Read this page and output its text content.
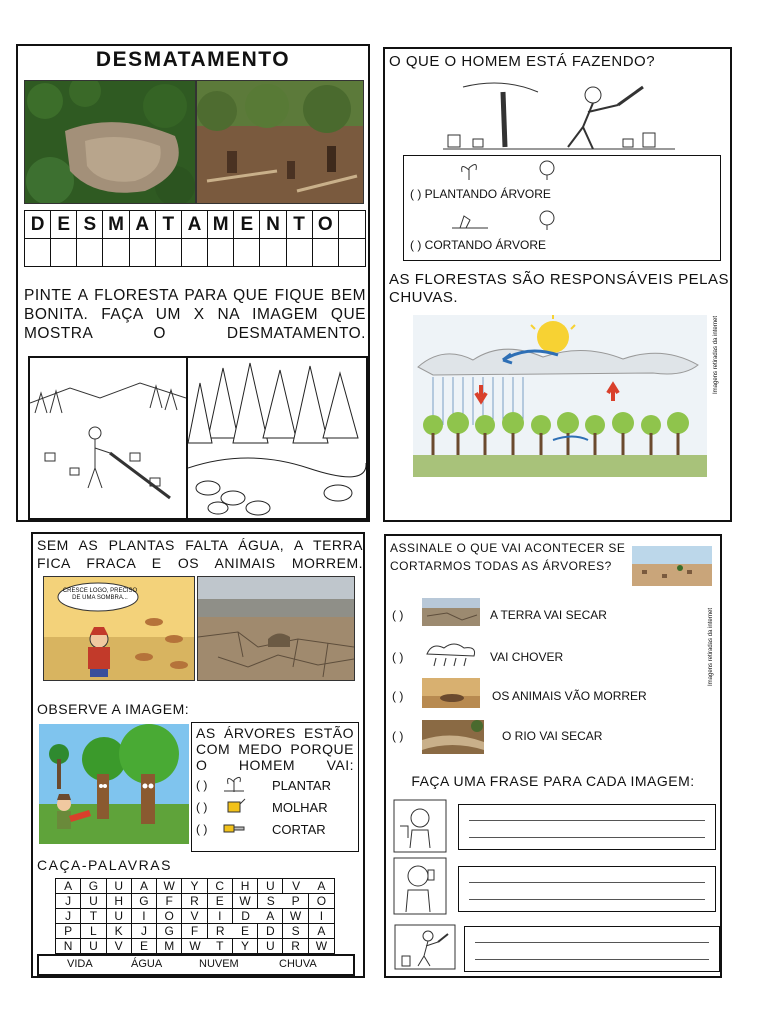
DESMATAMENTO
D E S M A T A M E N T O
PINTE A FLORESTA PARA QUE FIQUE BEM BONITA. FAÇA UM X NA IMAGEM QUE MOSTRA O DESMATAMENTO.
O QUE O HOMEM ESTÁ FAZENDO?
( ) PLANTANDO ÁRVORE
( ) CORTANDO ÁRVORE
AS FLORESTAS SÃO RESPONSÁVEIS PELAS CHUVAS.
Imagens retiradas da internet
SEM AS PLANTAS FALTA ÁGUA, A TERRA FICA FRACA E OS ANIMAIS MORREM.
CRESCE LOGO, PRECISO DE UMA SOMBRA...
OBSERVE A IMAGEM:
AS ÁRVORES ESTÃO COM MEDO PORQUE O HOMEM VAI:
( )	PLANTAR
( )	MOLHAR
( )	CORTAR
CAÇA-PALAVRAS
A	G	U	A	W	Y	C	H	U	V	A
J	U	H	G	F	R	E	W	S	P	O
J	T	U	I	O	V	I	D	A	W	I
P	L	K	J	G	F	R	E	D	S	A
N	U	V	E	M	W	T	Y	U	R	W
VIDA	ÁGUA	NUVEM	CHUVA
ASSINALE O QUE VAI ACONTECER SE CORTARMOS TODAS AS ÁRVORES?
( )	A TERRA VAI SECAR
( )	VAI CHOVER
( )	OS ANIMAIS VÃO MORRER
( )	O RIO VAI SECAR
Imagens retiradas da internet
FAÇA UMA FRASE PARA CADA IMAGEM:
